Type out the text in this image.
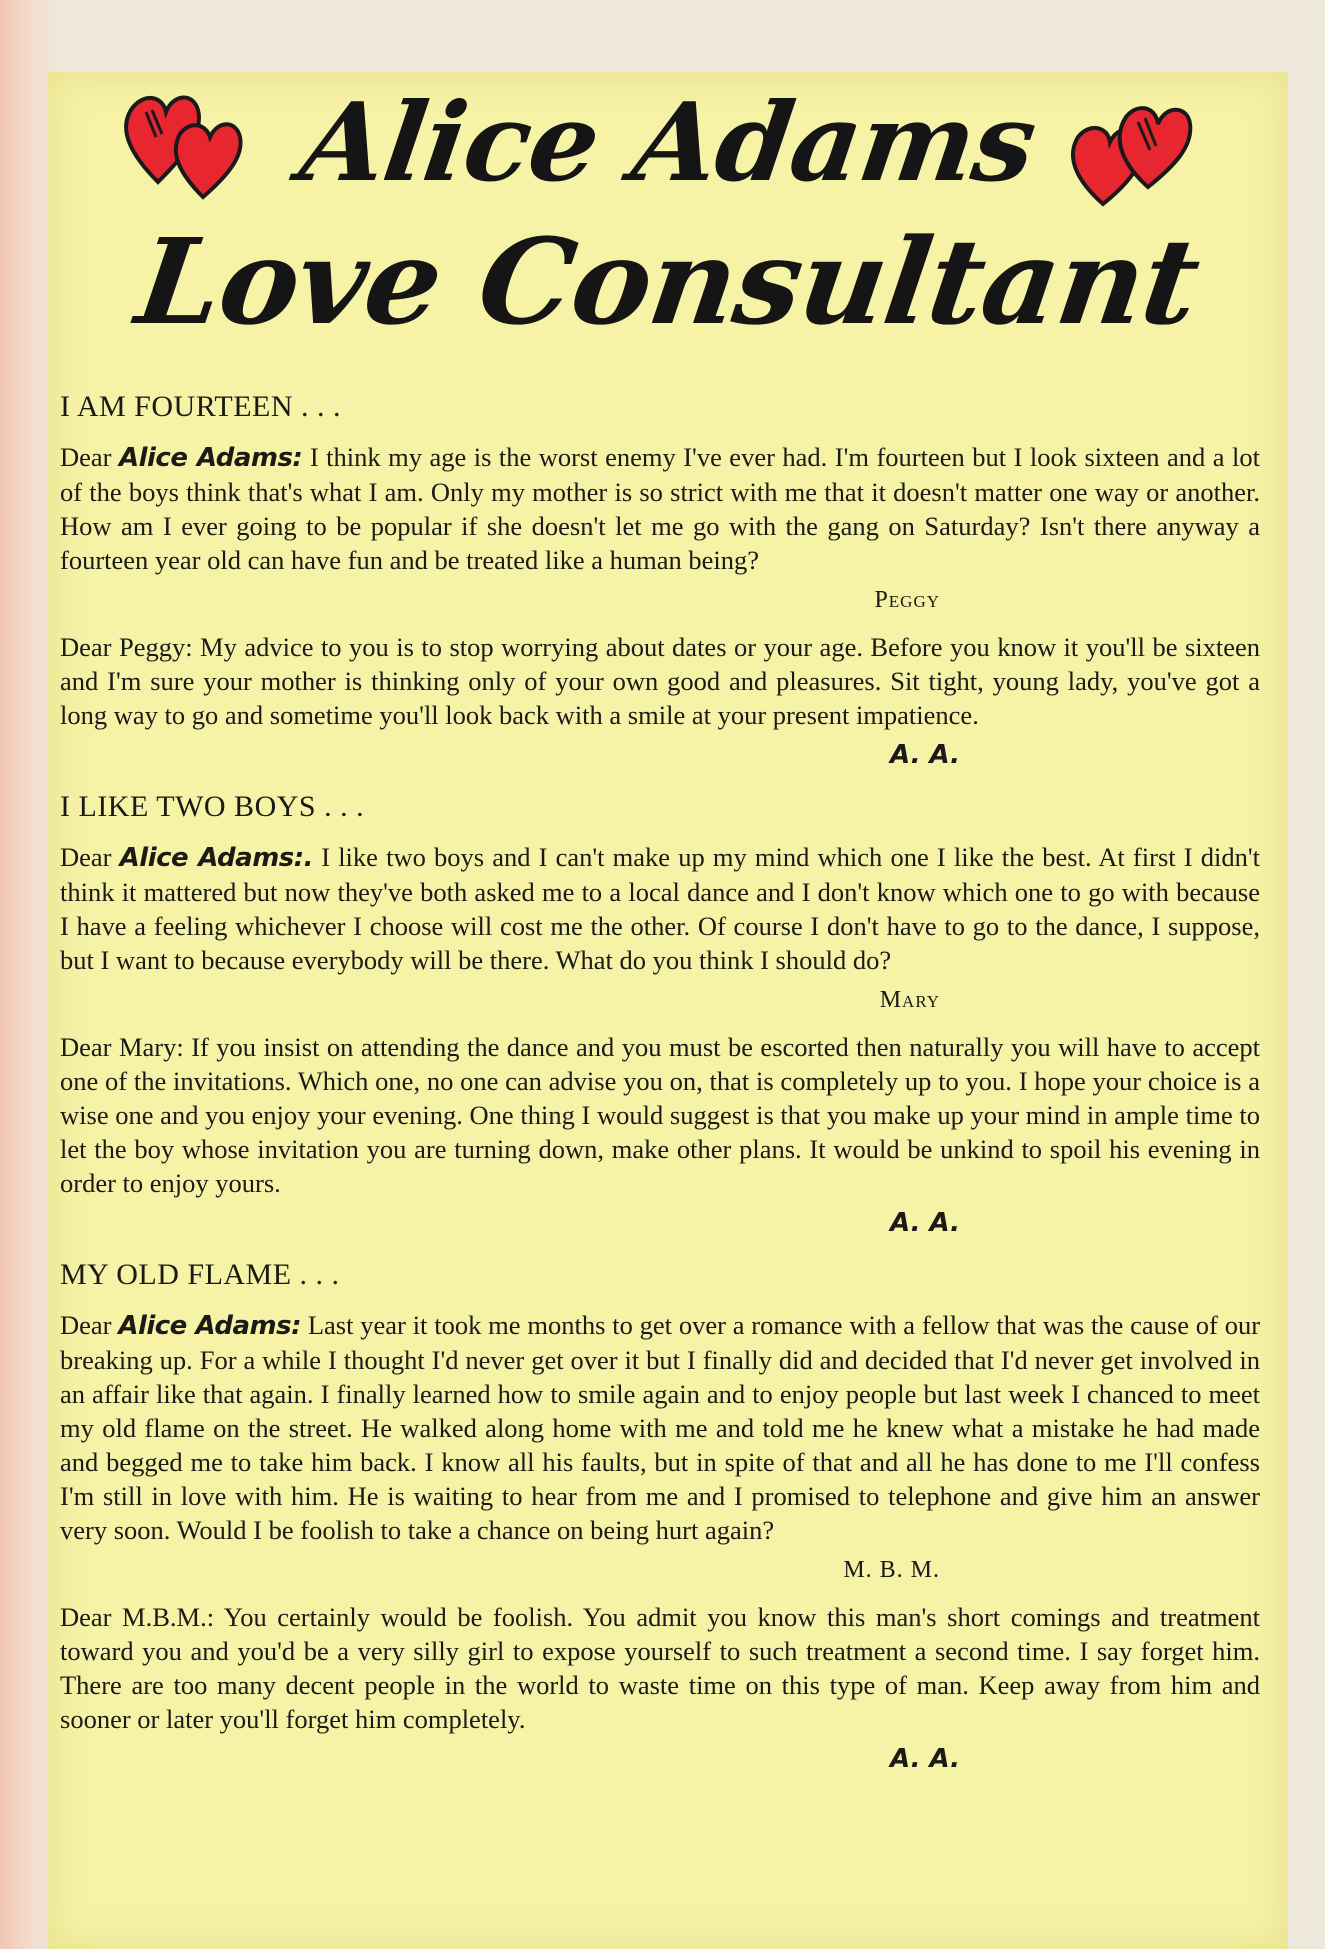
Alice Adams
Love Consultant
I AM FOURTEEN . . .

Dear Alice Adams: I think my age is the worst enemy I've ever had. I'm fourteen but I look sixteen and a lot of the boys think that's what I am. Only my mother is so strict with me that it doesn't matter one way or another. How am I ever going to be popular if she doesn't let me go with the gang on Saturday? Isn't there anyway a fourteen year old can have fun and be treated like a human being?

Peggy

Dear Peggy: My advice to you is to stop worrying about dates or your age. Before you know it you'll be sixteen and I'm sure your mother is thinking only of your own good and pleasures. Sit tight, young lady, you've got a long way to go and sometime you'll look back with a smile at your present impatience.

A. A.
I LIKE TWO BOYS . . .

Dear Alice Adams:. I like two boys and I can't make up my mind which one I like the best. At first I didn't think it mattered but now they've both asked me to a local dance and I don't know which one to go with because I have a feeling whichever I choose will cost me the other. Of course I don't have to go to the dance, I suppose, but I want to because everybody will be there. What do you think I should do?

Mary

Dear Mary: If you insist on attending the dance and you must be escorted then naturally you will have to accept one of the invitations. Which one, no one can advise you on, that is completely up to you. I hope your choice is a wise one and you enjoy your evening. One thing I would suggest is that you make up your mind in ample time to let the boy whose invitation you are turning down, make other plans. It would be unkind to spoil his evening in order to enjoy yours.

A. A.
MY OLD FLAME . . .

Dear Alice Adams: Last year it took me months to get over a romance with a fellow that was the cause of our breaking up. For a while I thought I'd never get over it but I finally did and decided that I'd never get involved in an affair like that again. I finally learned how to smile again and to enjoy people but last week I chanced to meet my old flame on the street. He walked along home with me and told me he knew what a mistake he had made and begged me to take him back. I know all his faults, but in spite of that and all he has done to me I'll confess I'm still in love with him. He is waiting to hear from me and I promised to telephone and give him an answer very soon. Would I be foolish to take a chance on being hurt again?

M. B. M.

Dear M.B.M.: You certainly would be foolish. You admit you know this man's short comings and treatment toward you and you'd be a very silly girl to expose yourself to such treatment a second time. I say forget him. There are too many decent people in the world to waste time on this type of man. Keep away from him and sooner or later you'll forget him completely.

A. A.
